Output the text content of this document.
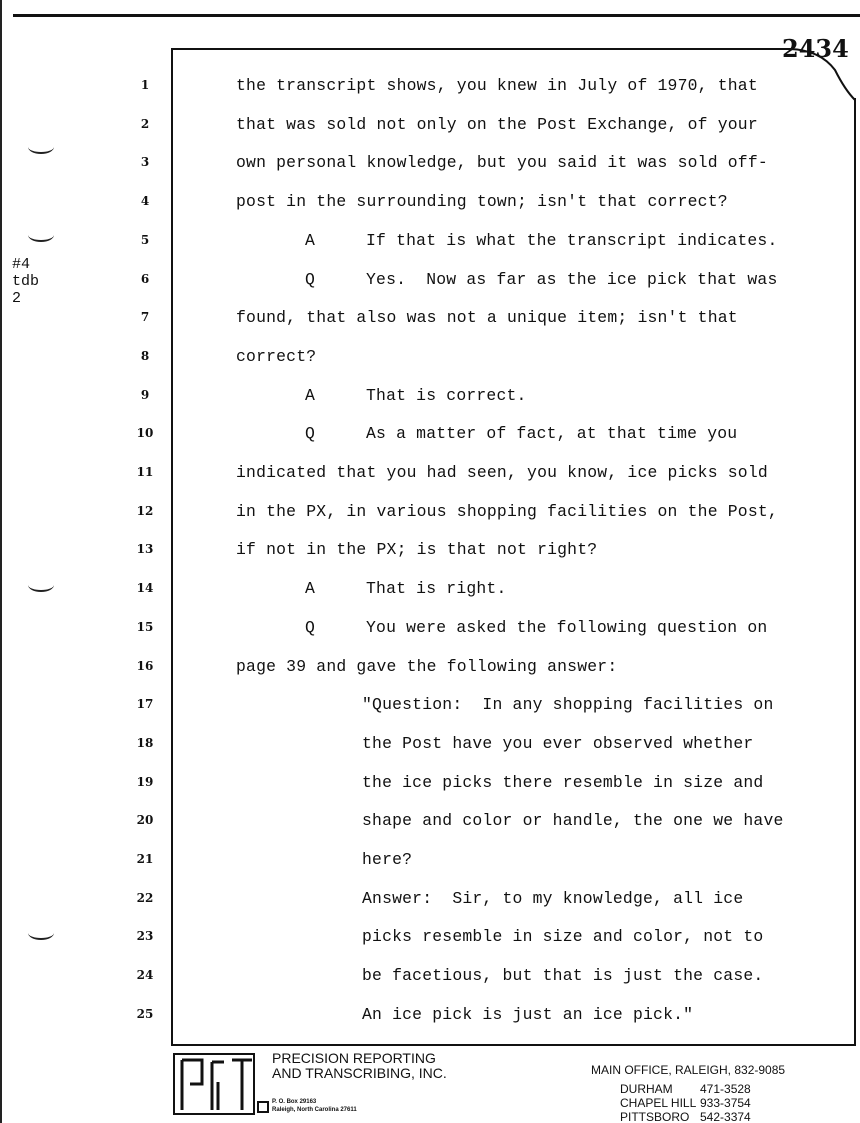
2434
#4
tdb
2
1	the transcript shows, you knew in July of 1970, that
2	that was sold not only on the Post Exchange, of your
3	own personal knowledge, but you said it was sold off-
4	post in the surrounding town; isn't that correct?
5	A	If that is what the transcript indicates.
6	Q	Yes.  Now as far as the ice pick that was
7	found, that also was not a unique item; isn't that
8	correct?
9	A	That is correct.
10	Q	As a matter of fact, at that time you
11	indicated that you had seen, you know, ice picks sold
12	in the PX, in various shopping facilities on the Post,
13	if not in the PX; is that not right?
14	A	That is right.
15	Q	You were asked the following question on
16	page 39 and gave the following answer:
17	"Question:  In any shopping facilities on
18	the Post have you ever observed whether
19	the ice picks there resemble in size and
20	shape and color or handle, the one we have
21	here?
22	Answer:  Sir, to my knowledge, all ice
23	picks resemble in size and color, not to
24	be facetious, but that is just the case.
25	An ice pick is just an ice pick."
PRECISION REPORTING
AND TRANSCRIBING, INC.
P. O. Box 29163
Raleigh, North Carolina 27611
MAIN OFFICE, RALEIGH, 832-9085
DURHAM 471-3528
CHAPEL HILL 933-3754
PITTSBORO 542-3374
